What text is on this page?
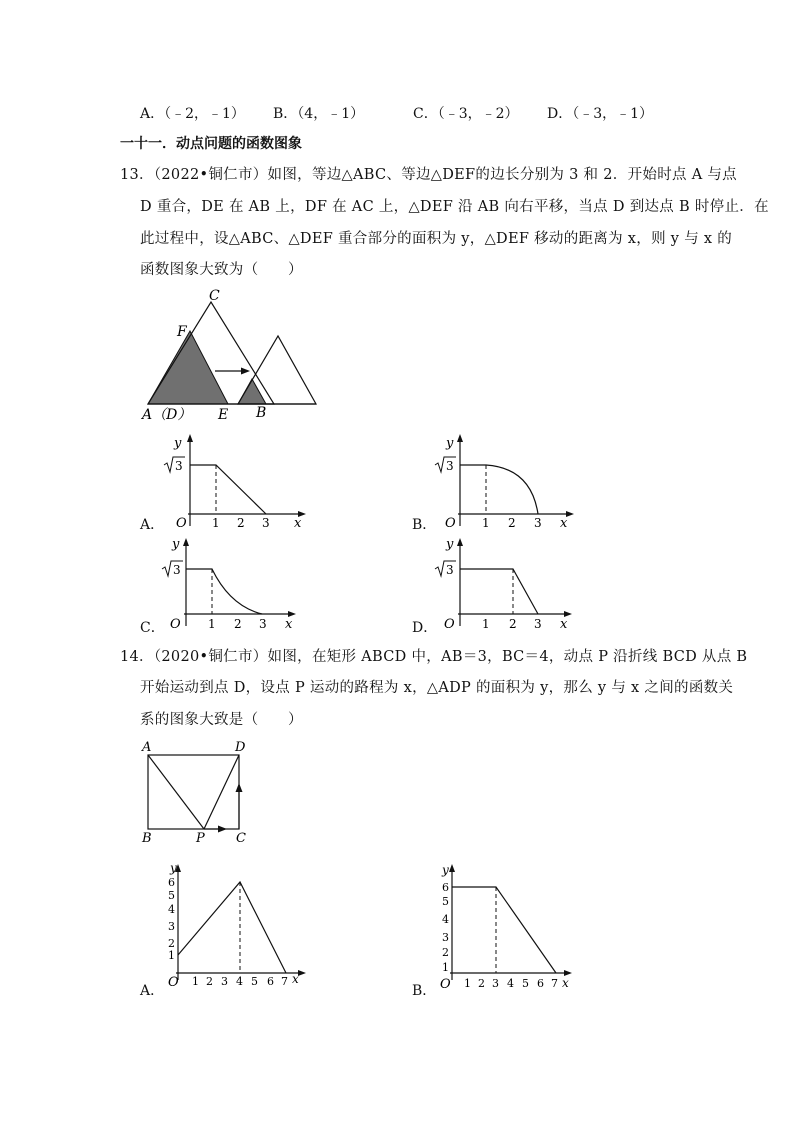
A．（﹣2，﹣1） B．（4，﹣1）	C．（﹣3，﹣2） D．（﹣3，﹣1）
一十一．动点问题的函数图象
13．（2022•铜仁市）如图，等边△ABC、等边△DEF的边长分别为 3 和 2．开始时点 A 与点
D 重合，DE 在 AB 上，DF 在 AC 上，△DEF 沿 AB 向右平移，当点 D 到达点 B 时停止．在
此过程中，设△ABC、△DEF 重合部分的面积为 y，△DEF 移动的距离为 x，则 y 与 x 的
函数图象大致为（　　）
C
F
A（D） E B
A．
y
x
O
3
1 2 3	B．
y
x
O
3
1 2 3
C．
y
x
O
3
1 2 3	D．
y
x
O
3
1 2 3
14．（2020•铜仁市）如图，在矩形 ABCD 中，AB＝3，BC＝4，动点 P 沿折线 BCD 从点 B
开始运动到点 D，设点 P 运动的路程为 x，△ADP 的面积为 y，那么 y 与 x 之间的函数关
系的图象大致是（　　）
A	D
B	P C
A．
y
x
O
1
2
3
4
5
6
1 2 3 4 5 6 7
B．
y
x
O
1
2
3
4
5
6
1 2 3 4 5 6 7
